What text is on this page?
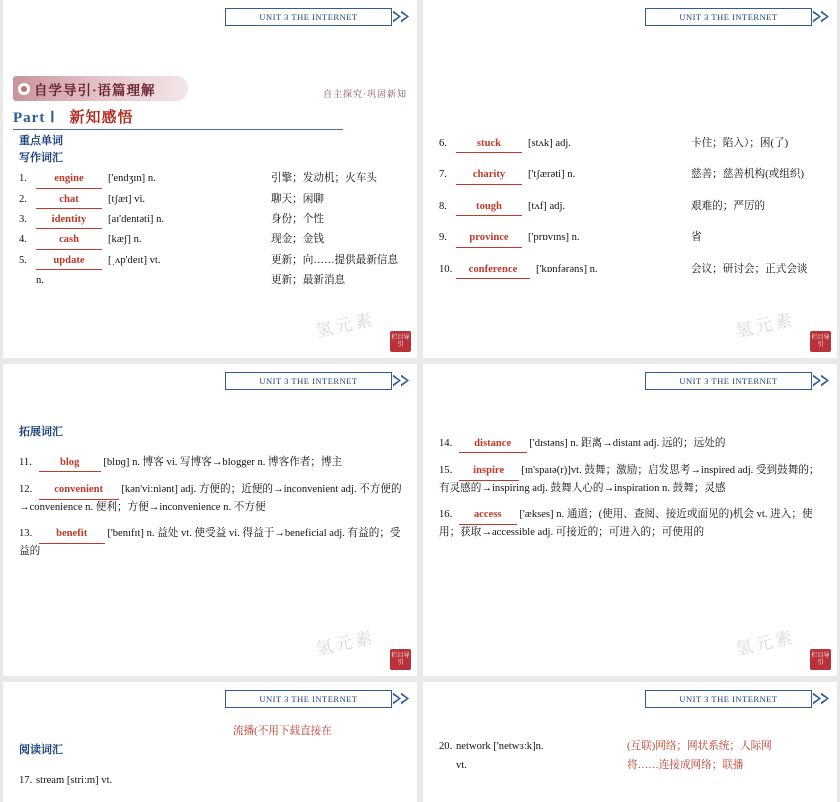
UNIT 3 THE INTERNET
自学导引·语篇理解	自主探究·巩固新知
Part Ⅰ 新知感悟
重点单词
写作词汇
1.	engine	['endʒɪn] n.	引擎；发动机；火车头
2.	chat	[tʃæt] vi.	聊天；闲聊
3.	identity	[aɪ'dentəti] n.	身份；个性
4.	cash	[kæʃ] n.	现金；金钱
5.	update	[ˌʌp'deɪt] vt.	更新；向……提供最新信息
n.	更新；最新消息
氢元素 栏目导引
UNIT 3 THE INTERNET
6.	stuck	[stʌk] adj.	卡住；陷入）；困(了)
7.	charity	['tʃærəti] n.	慈善；慈善机构(或组织)
8.	tough	[tʌf] adj.	艰难的；严厉的
9.	province	['prɒvɪns] n.	省
10.	conference	['kɒnfərəns] n.	会议；研讨会；正式会谈
氢元素 栏目导引
UNIT 3 THE INTERNET
拓展词汇
11.	blog [blɒɡ] n. 博客 vi. 写博客→blogger n. 博客作者；博主
12. convenient [kən'viːniənt] adj. 方便的；近便的→inconvenient adj. 不方便的→convenience n. 便利；方便→inconvenience n. 不方便
13. benefit ['benɪfɪt] n. 益处 vt. 使受益 vi. 得益于→beneficial adj. 有益的；受益的
氢元素 栏目导引
UNIT 3 THE INTERNET
14. distance ['dɪstəns] n. 距离→distant adj. 远的；远处的
15. inspire [ɪn'spaɪə(r)]vt. 鼓舞；激励；启发思考→inspired adj. 受到鼓舞的；有灵感的→inspiring adj. 鼓舞人心的→inspiration n. 鼓舞；灵感
16. access ['ækses] n. 通道；(使用、查阅、接近或面见的)机会 vt. 进入；使用；获取→accessible adj. 可接近的；可进入的；可使用的
氢元素 栏目导引
UNIT 3 THE INTERNET
阅读词汇
17. stream [striːm] vt.
流播(不用下载直接在
UNIT 3 THE INTERNET
20. network ['netwɜːk]n.	(互联)网络；网状系统；人际网
vt.	将……连接成网络；联播
